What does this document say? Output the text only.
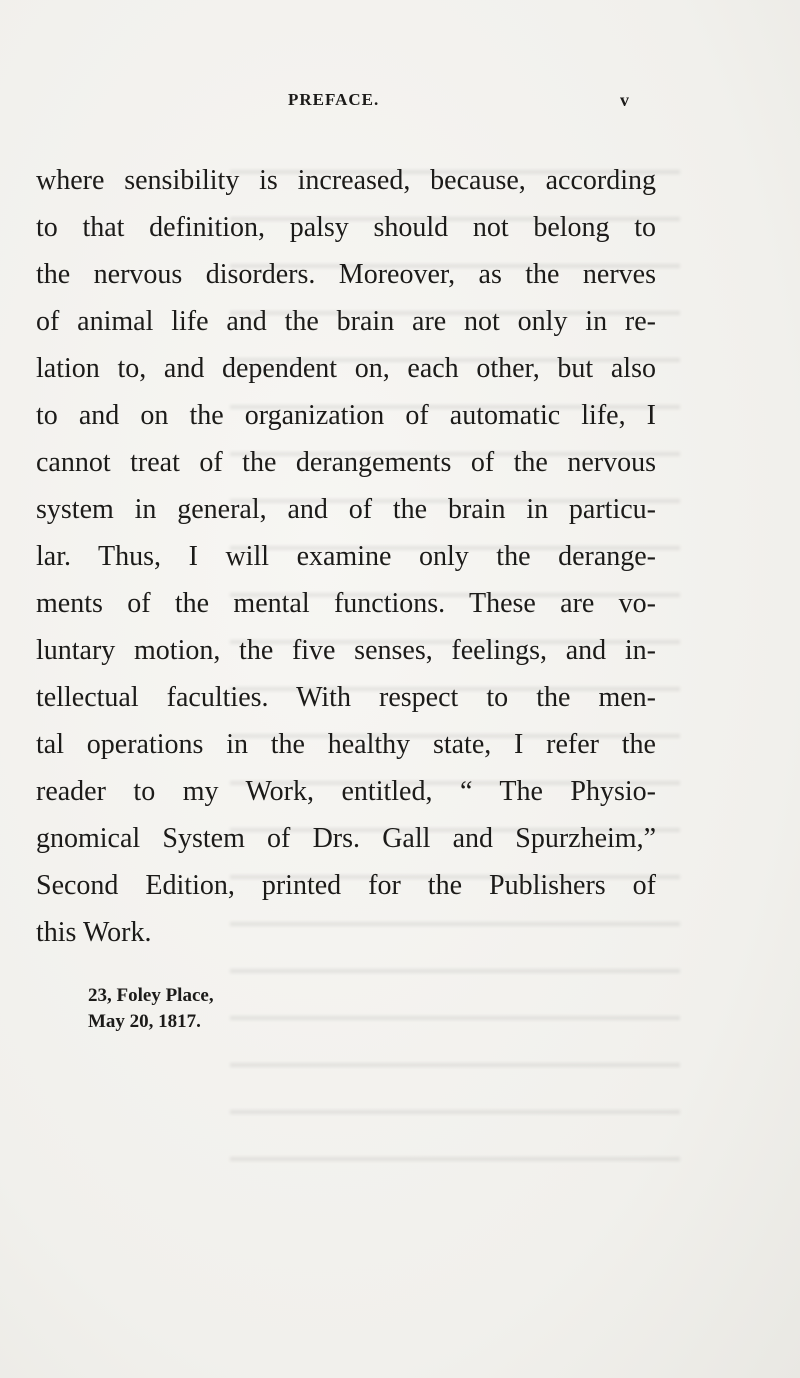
PREFACE.	v
where sensibility is increased, because, according
to that definition, palsy should not belong to
the nervous disorders. Moreover, as the nerves
of animal life and the brain are not only in re-
lation to, and dependent on, each other, but also
to and on the organization of automatic life, I
cannot treat of the derangements of the nervous
system in general, and of the brain in particu-
lar. Thus, I will examine only the derange-
ments of the mental functions. These are vo-
luntary motion, the five senses, feelings, and in-
tellectual faculties. With respect to the men-
tal operations in the healthy state, I refer the
reader to my Work, entitled, “ The Physio-
gnomical System of Drs. Gall and Spurzheim,”
Second Edition, printed for the Publishers of
this Work.
23, Foley Place,
May 20, 1817.
